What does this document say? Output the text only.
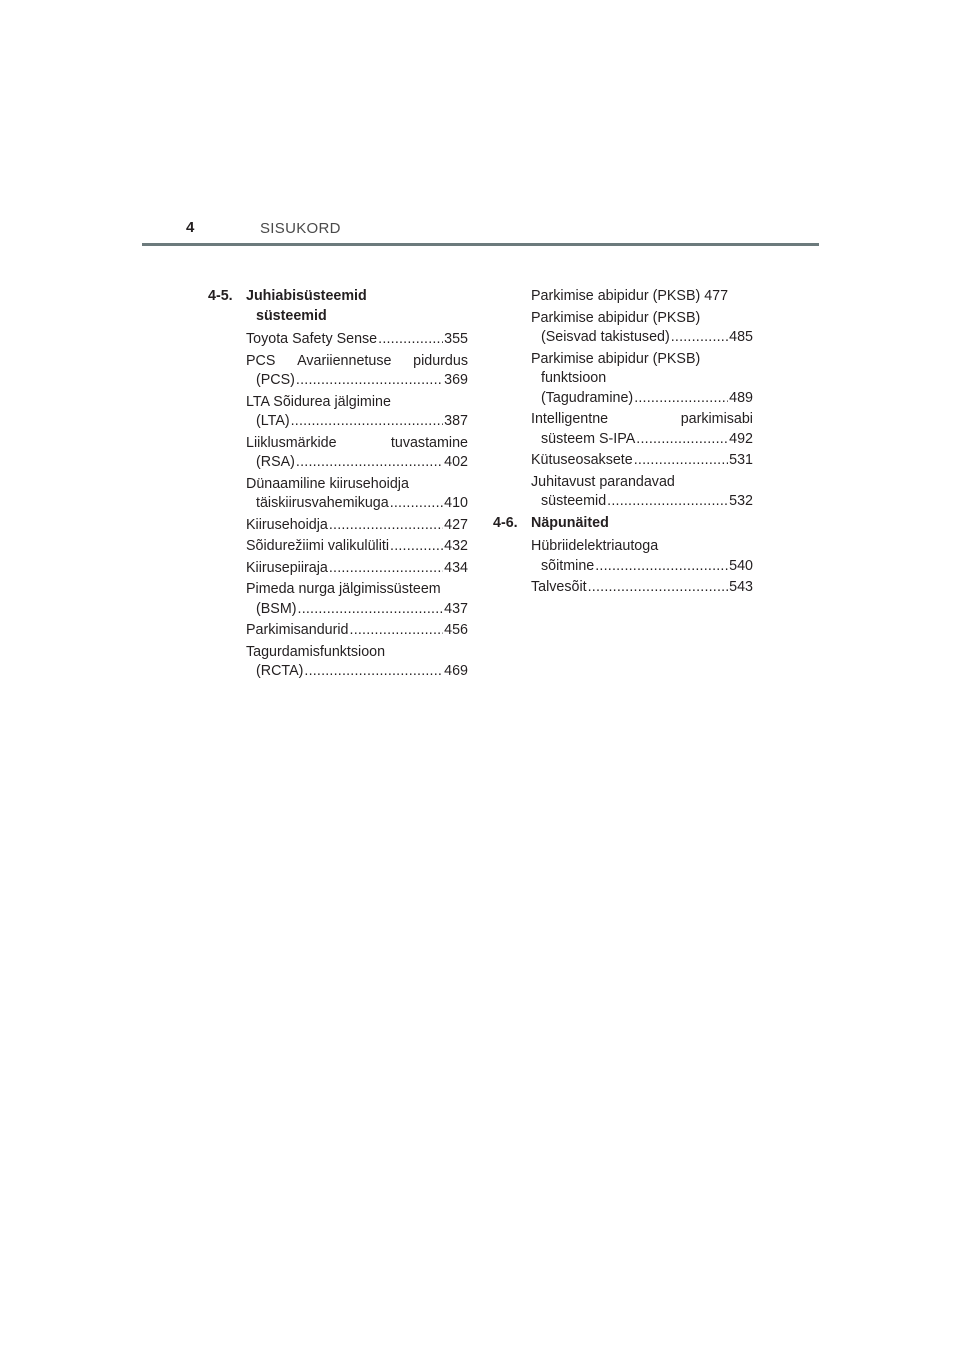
4	SISUKORD
4-5. Juhiabisüsteemid
süsteemid
Toyota Safety Sense .....	355
PCS Avariiennetuse pidurdus
(PCS) .....	369
LTA Sõidurea jälgimine
(LTA) .....	387
Liiklusmärkide	tuvastamine
(RSA) .....	402
Dünaamiline kiirusehoidja
täiskiirusvahemikuga .....	410
Kiirusehoidja .....	427
Sõidurežiimi valikulüliti .....	432
Kiirusepiiraja .....	434
Pimeda nurga jälgimissüsteem
(BSM) .....	437
Parkimisandurid .....	456
Tagurdamisfunktsioon
(RCTA) .....	469
Parkimise abipidur (PKSB) 477
Parkimise abipidur (PKSB)
(Seisvad takistused) .....	485
Parkimise abipidur (PKSB)
funktsioon
(Tagudramine) .....	489
Intelligentne	parkimisabi
süsteem S-IPA .....	492
Kütuseosaksete .....	531
Juhitavust parandavad
süsteemid .....	532
4-6. Näpunäited
Hübriidelektriautoga
sõitmine .....	540
Talvesõit .....	543
